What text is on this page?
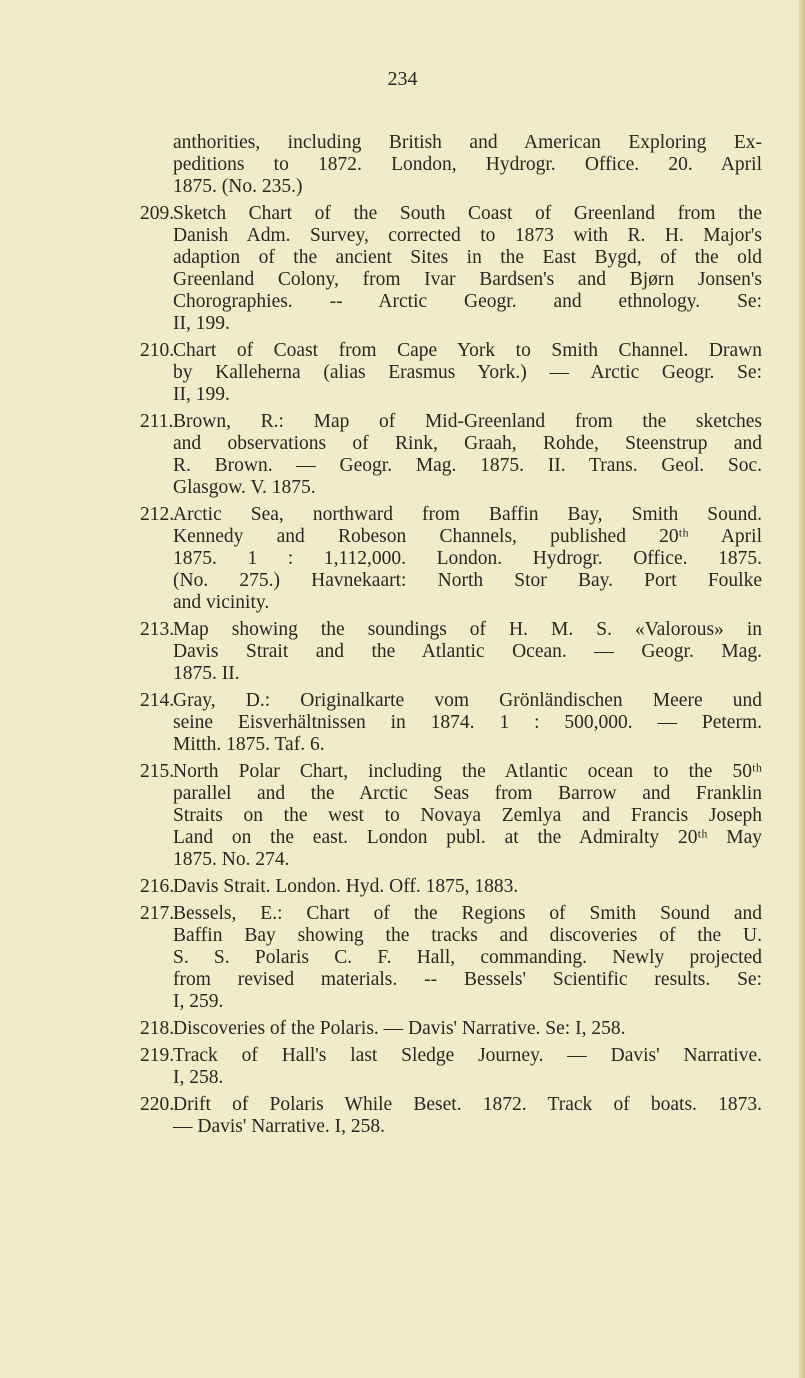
234
anthorities, including British and American Exploring Ex-
peditions to 1872. London, Hydrogr. Office. 20. April
1875. (No. 235.)
209.
Sketch Chart of the South Coast of Greenland from the
Danish Adm. Survey, corrected to 1873 with R. H. Major's
adaption of the ancient Sites in the East Bygd, of the old
Greenland Colony, from Ivar Bardsen's and Bjørn Jonsen's
Chorographies. -- Arctic Geogr. and ethnology. Se:
II, 199.
210.
Chart of Coast from Cape York to Smith Channel. Drawn
by Kalleherna (alias Erasmus York.) — Arctic Geogr. Se:
II, 199.
211. Brown, R.: Map of Mid-Greenland from the sketches
and observations of Rink, Graah, Rohde, Steenstrup and
R. Brown. — Geogr. Mag. 1875. II. Trans. Geol. Soc.
Glasgow. V. 1875.
212.
Arctic Sea, northward from Baffin Bay, Smith Sound.
Kennedy and Robeson Channels, published 20ᵗʰ April
1875. 1 : 1,112,000. London. Hydrogr. Office. 1875.
(No. 275.) Havnekaart: North Stor Bay. Port Foulke
and vicinity.
213.
Map showing the soundings of H. M. S. «Valorous» in
Davis Strait and the Atlantic Ocean. — Geogr. Mag.
1875. II.
214.
Gray, D.: Originalkarte vom Grönländischen Meere und
seine Eisverhältnissen in 1874. 1 : 500,000. — Peterm.
Mitth. 1875. Taf. 6.
215.
North Polar Chart, including the Atlantic ocean to the 50ᵗʰ
parallel and the Arctic Seas from Barrow and Franklin
Straits on the west to Novaya Zemlya and Francis Joseph
Land on the east. London publ. at the Admiralty 20ᵗʰ May
1875. No. 274.
216.
Davis Strait. London. Hyd. Off. 1875, 1883.
217.
Bessels, E.: Chart of the Regions of Smith Sound and
Baffin Bay showing the tracks and discoveries of the U.
S. S. Polaris C. F. Hall, commanding. Newly projected
from revised materials. -- Bessels' Scientific results. Se:
I, 259.
218.
Discoveries of the Polaris. — Davis' Narrative. Se: I, 258.
219.
Track of Hall's last Sledge Journey. — Davis' Narrative.
I, 258.
220.
Drift of Polaris While Beset. 1872. Track of boats. 1873.
— Davis' Narrative. I, 258.
